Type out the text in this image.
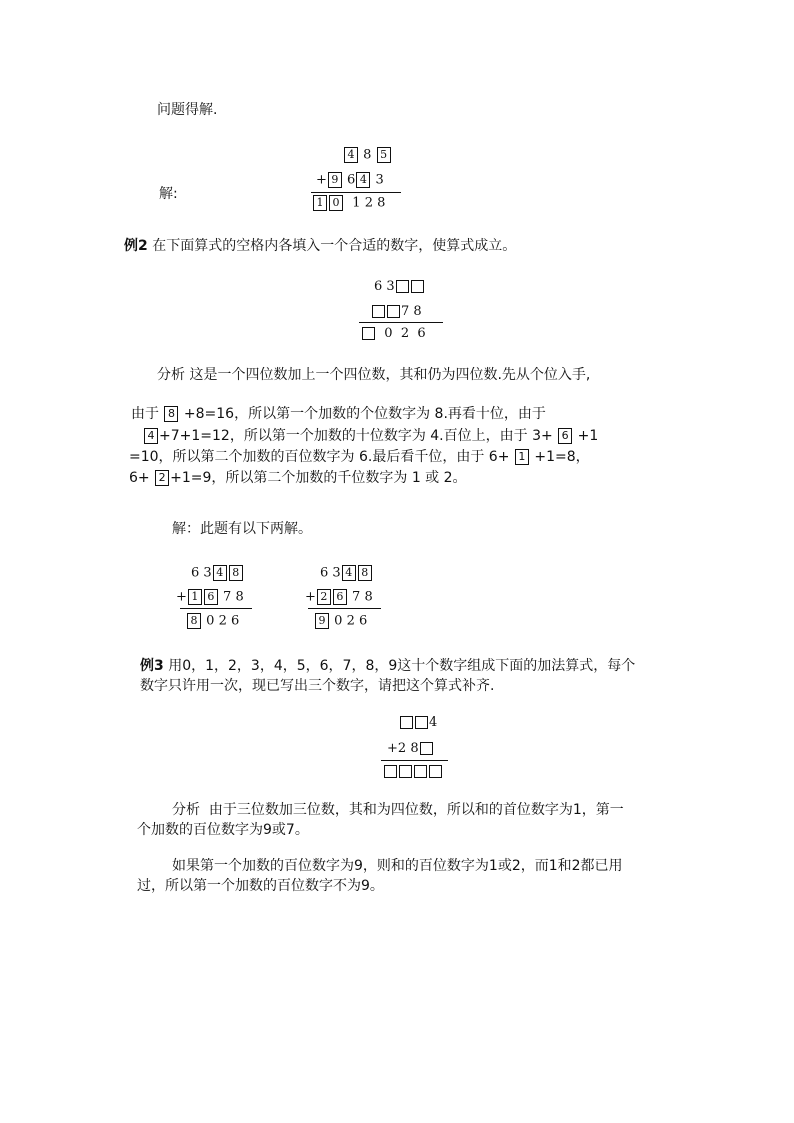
问题得解.
4 8 5
+ 9 6 4 3
解:
1 0 1 2 8
例2 在下面算式的空格内各填入一个合适的数字，使算式成立。
6 3
7 8
0 2 6
分析 这是一个四位数加上一个四位数，其和仍为四位数.先从个位入手,
由于 8 +8=16，所以第一个加数的个位数字为 8.再看十位，由于
4 +7+1=12，所以第一个加数的十位数字为 4.百位上，由于 3+ 6 +1
=10，所以第二个加数的百位数字为 6.最后看千位，由于 6+ 1 +1=8，
6+ 2 +1=9，所以第二个加数的千位数字为 1 或 2。
解：此题有以下两解。
6 3 4 8
+ 1 6 7 8
8 0 2 6
6 3 4 8
+ 2 6 7 8
9 0 2 6
例3 用0，1，2，3，4，5，6，7，8，9这十个数字组成下面的加法算式，每个
数字只许用一次，现已写出三个数字，请把这个算式补齐.
4
+2 8
分析  由于三位数加三位数，其和为四位数，所以和的首位数字为1，第一
个加数的百位数字为9或7。
如果第一个加数的百位数字为9，则和的百位数字为1或2，而1和2都已用
过，所以第一个加数的百位数字不为9。
